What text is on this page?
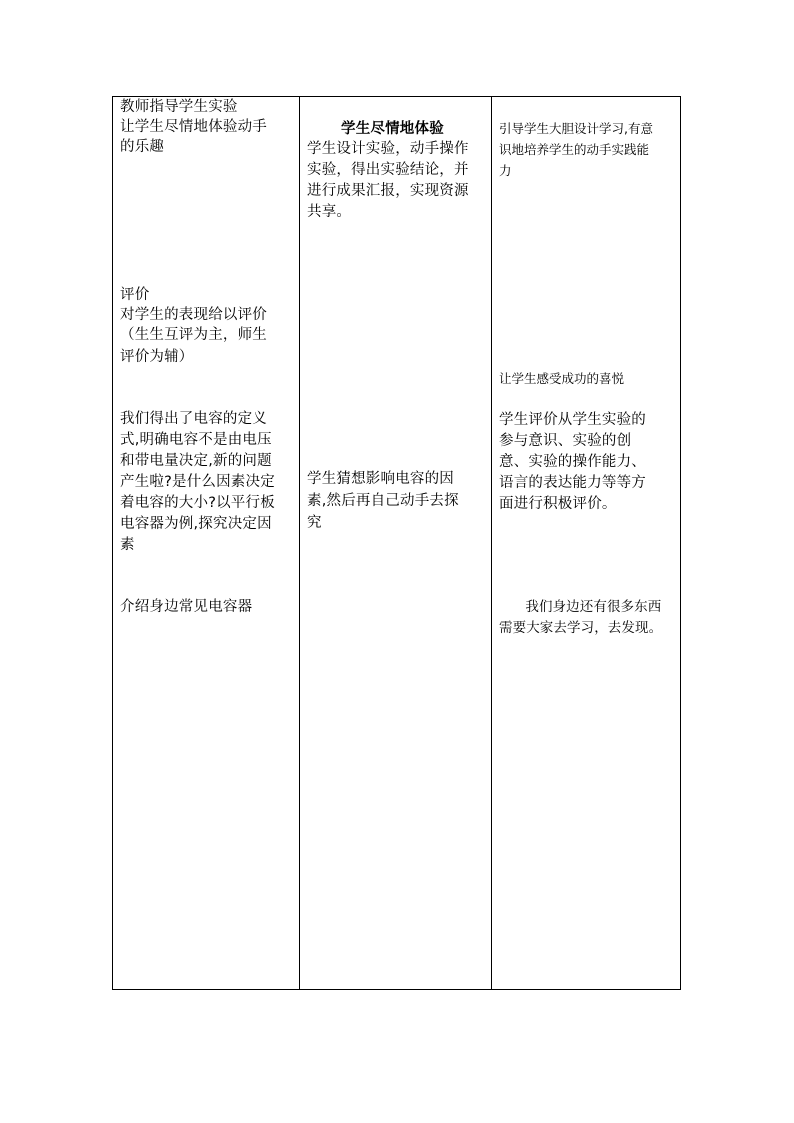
教师指导学生实验

让学生尽情地体验动手

的乐趣

评价

对学生的表现给以评价

（生生互评为主，师生

评价为辅）

我们得出了电容的定义

式,明确电容不是由电压

和带电量决定,新的问题

产生啦?是什么因素决定

着电容的大小?以平行板

电容器为例,探究决定因

素

介绍身边常见电容器

学生尽情地体验

学生设计实验，动手操作

实验，得出实验结论，并

进行成果汇报，实现资源

共享。

学生猜想影响电容的因

素,然后再自己动手去探

究

引导学生大胆设计学习,有意

识地培养学生的动手实践能

力

让学生感受成功的喜悦

学生评价从学生实验的

参与意识、实验的创

意、实验的操作能力、

语言的表达能力等等方

面进行积极评价。

我们身边还有很多东西

需要大家去学习，去发现。
